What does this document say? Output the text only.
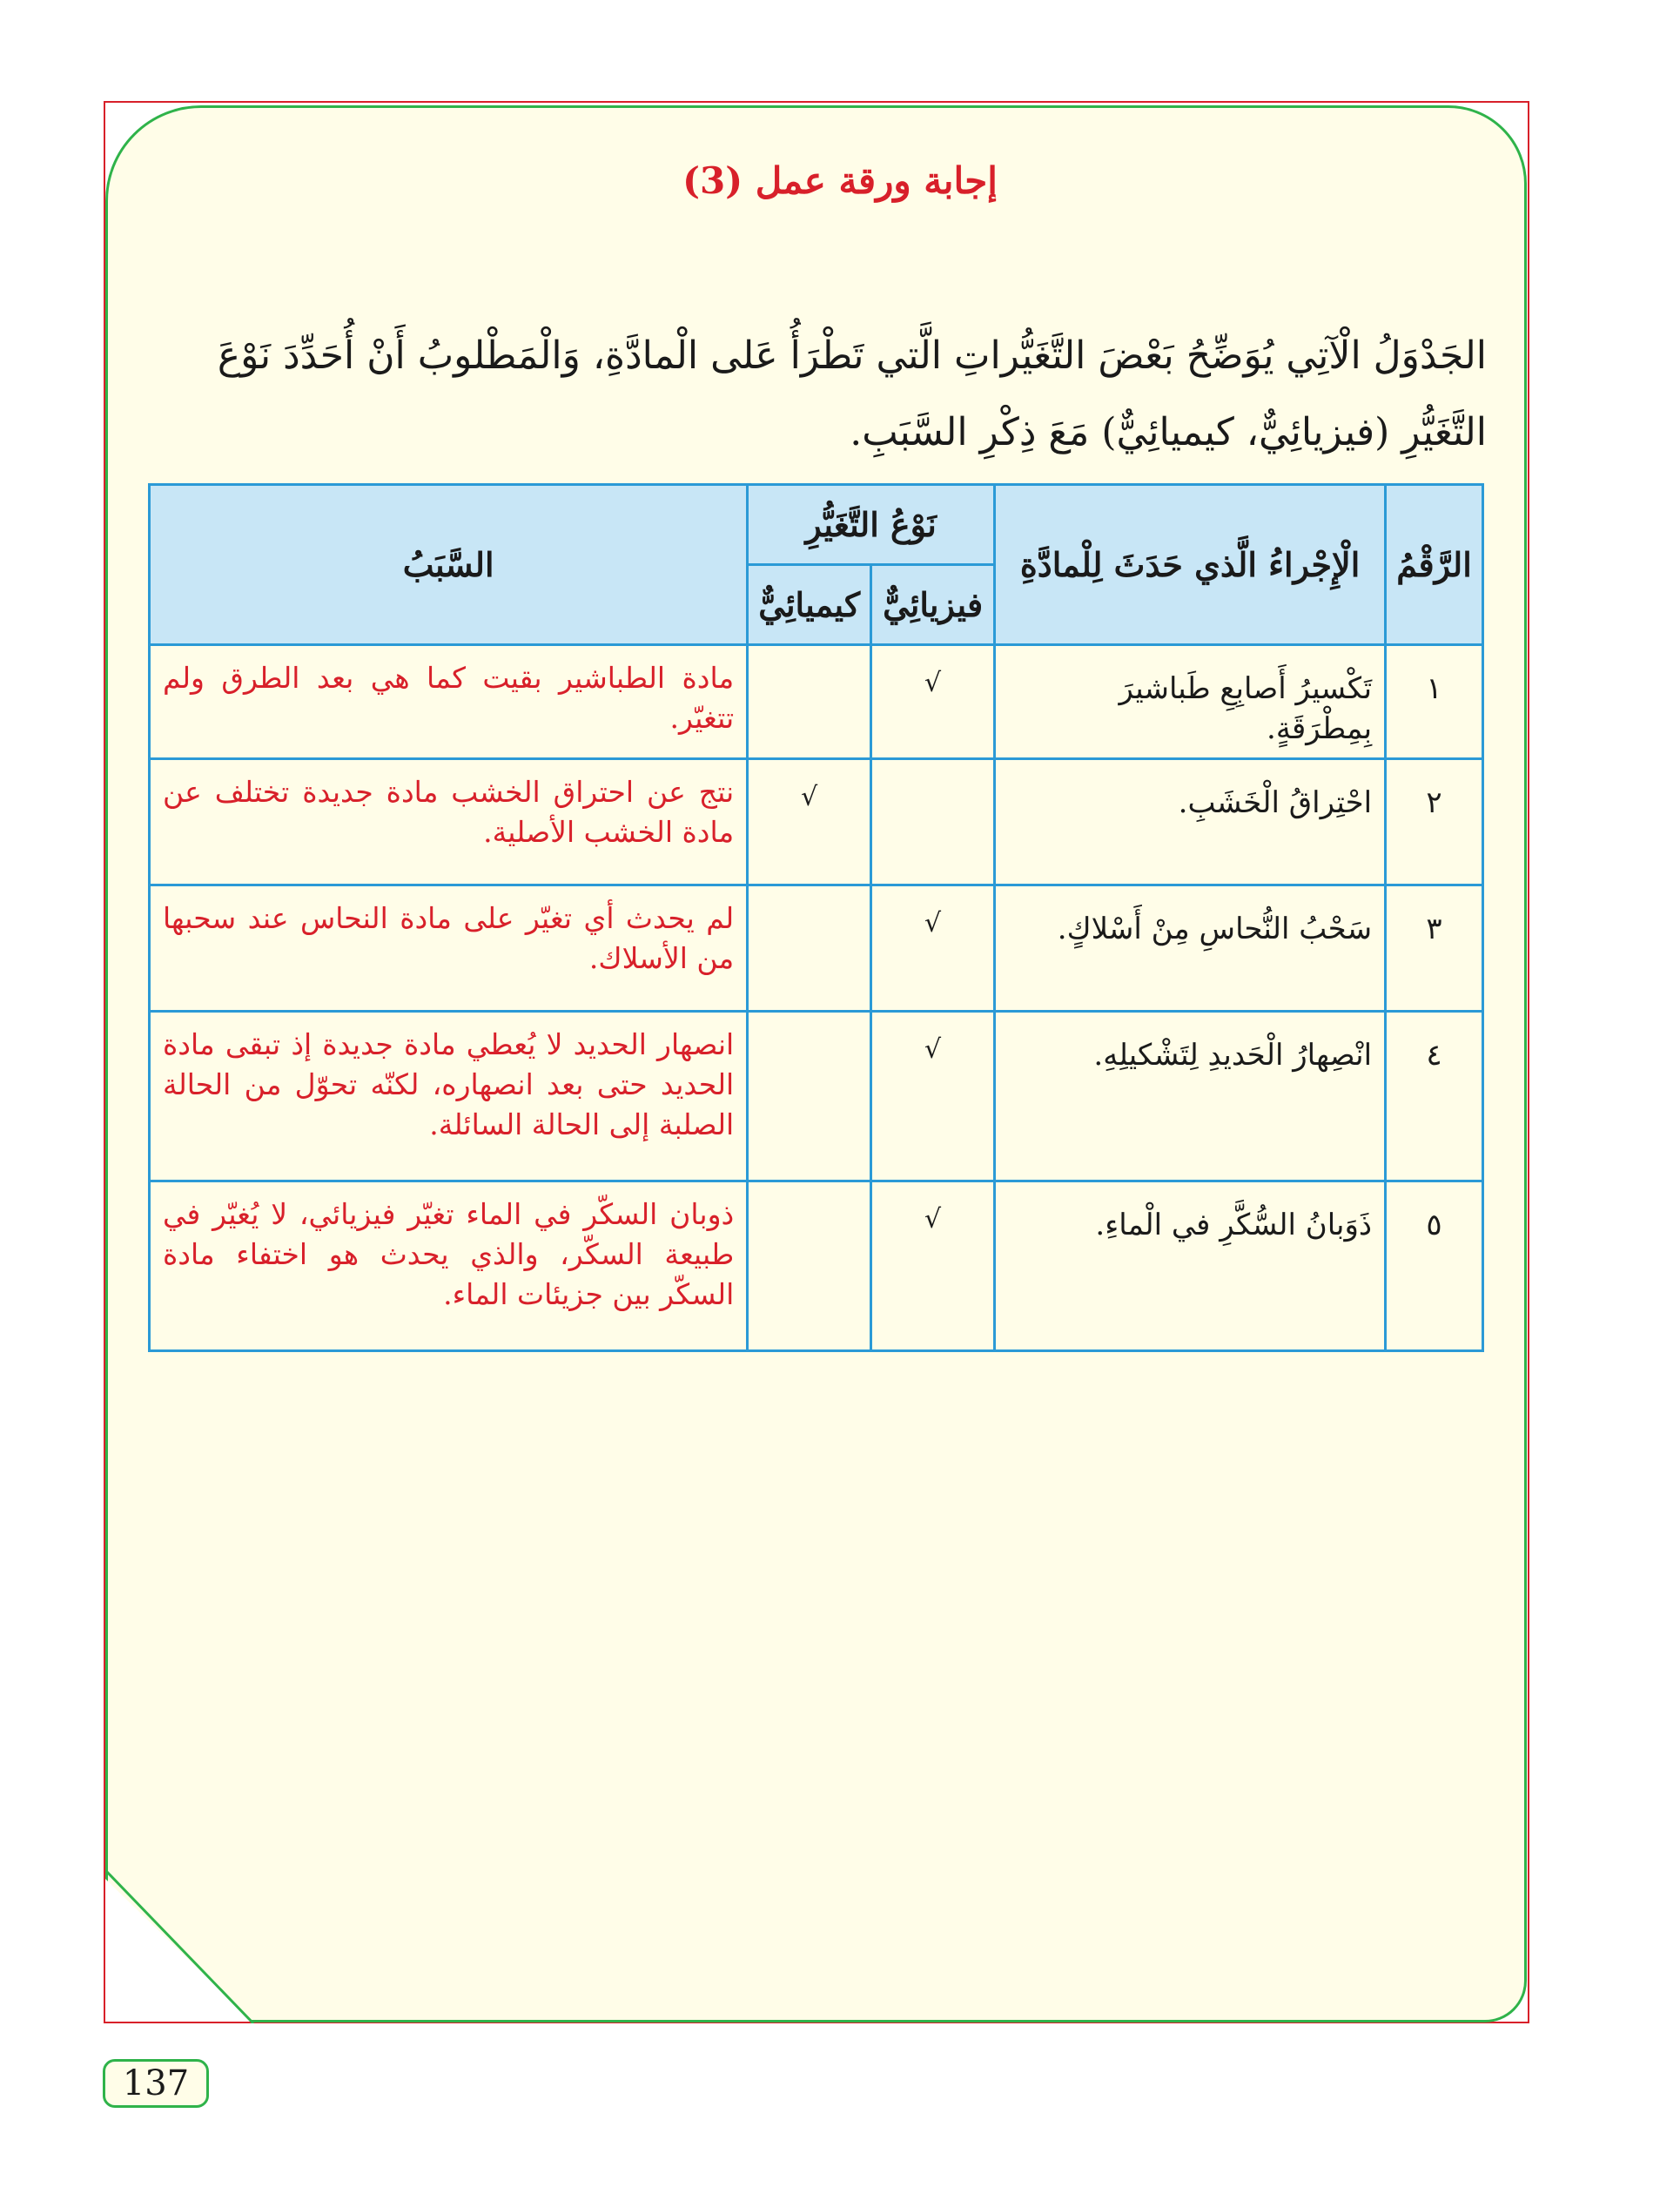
إجابة ورقة عمل (3)
الجَدْوَلُ الْآتِي يُوَضِّحُ بَعْضَ التَّغَيُّراتِ الَّتي تَطْرَأُ عَلى الْمادَّةِ، وَالْمَطْلوبُ أَنْ أُحَدِّدَ نَوْعَ التَّغَيُّرِ (فيزيائِيٌّ، كيميائِيٌّ) مَعَ ذِكْرِ السَّبَبِ.
الرَّقْمُ	الْإِجْراءُ الَّذي حَدَثَ لِلْمادَّةِ	نَوْعُ التَّغَيُّرِ		السَّبَبُ
		فيزيائِيٌّ	كيميائِيٌّ	
١	تَكْسيرُ أَصابِعِ طَباشيرَ بِمِطْرَقَةٍ.	√		مادة الطباشير بقيت كما هي بعد الطرق ولم تتغيّر.
٢	احْتِراقُ الْخَشَبِ.		√	نتج عن احتراق الخشب مادة جديدة تختلف عن مادة الخشب الأصلية.
٣	سَحْبُ النُّحاسِ مِنْ أَسْلاكٍ.	√		لم يحدث أي تغيّر على مادة النحاس عند سحبها من الأسلاك.
٤	انْصِهارُ الْحَديدِ لِتَشْكيلِهِ.	√		انصهار الحديد لا يُعطي مادة جديدة إذ تبقى مادة الحديد حتى بعد انصهاره، لكنّه تحوّل من الحالة الصلبة إلى الحالة السائلة.
٥	ذَوَبانُ السُّكَّرِ في الْماءِ.	√		ذوبان السكّر في الماء تغيّر فيزيائي، لا يُغيّر في طبيعة السكّر، والذي يحدث هو اختفاء مادة السكّر بين جزيئات الماء.
137
